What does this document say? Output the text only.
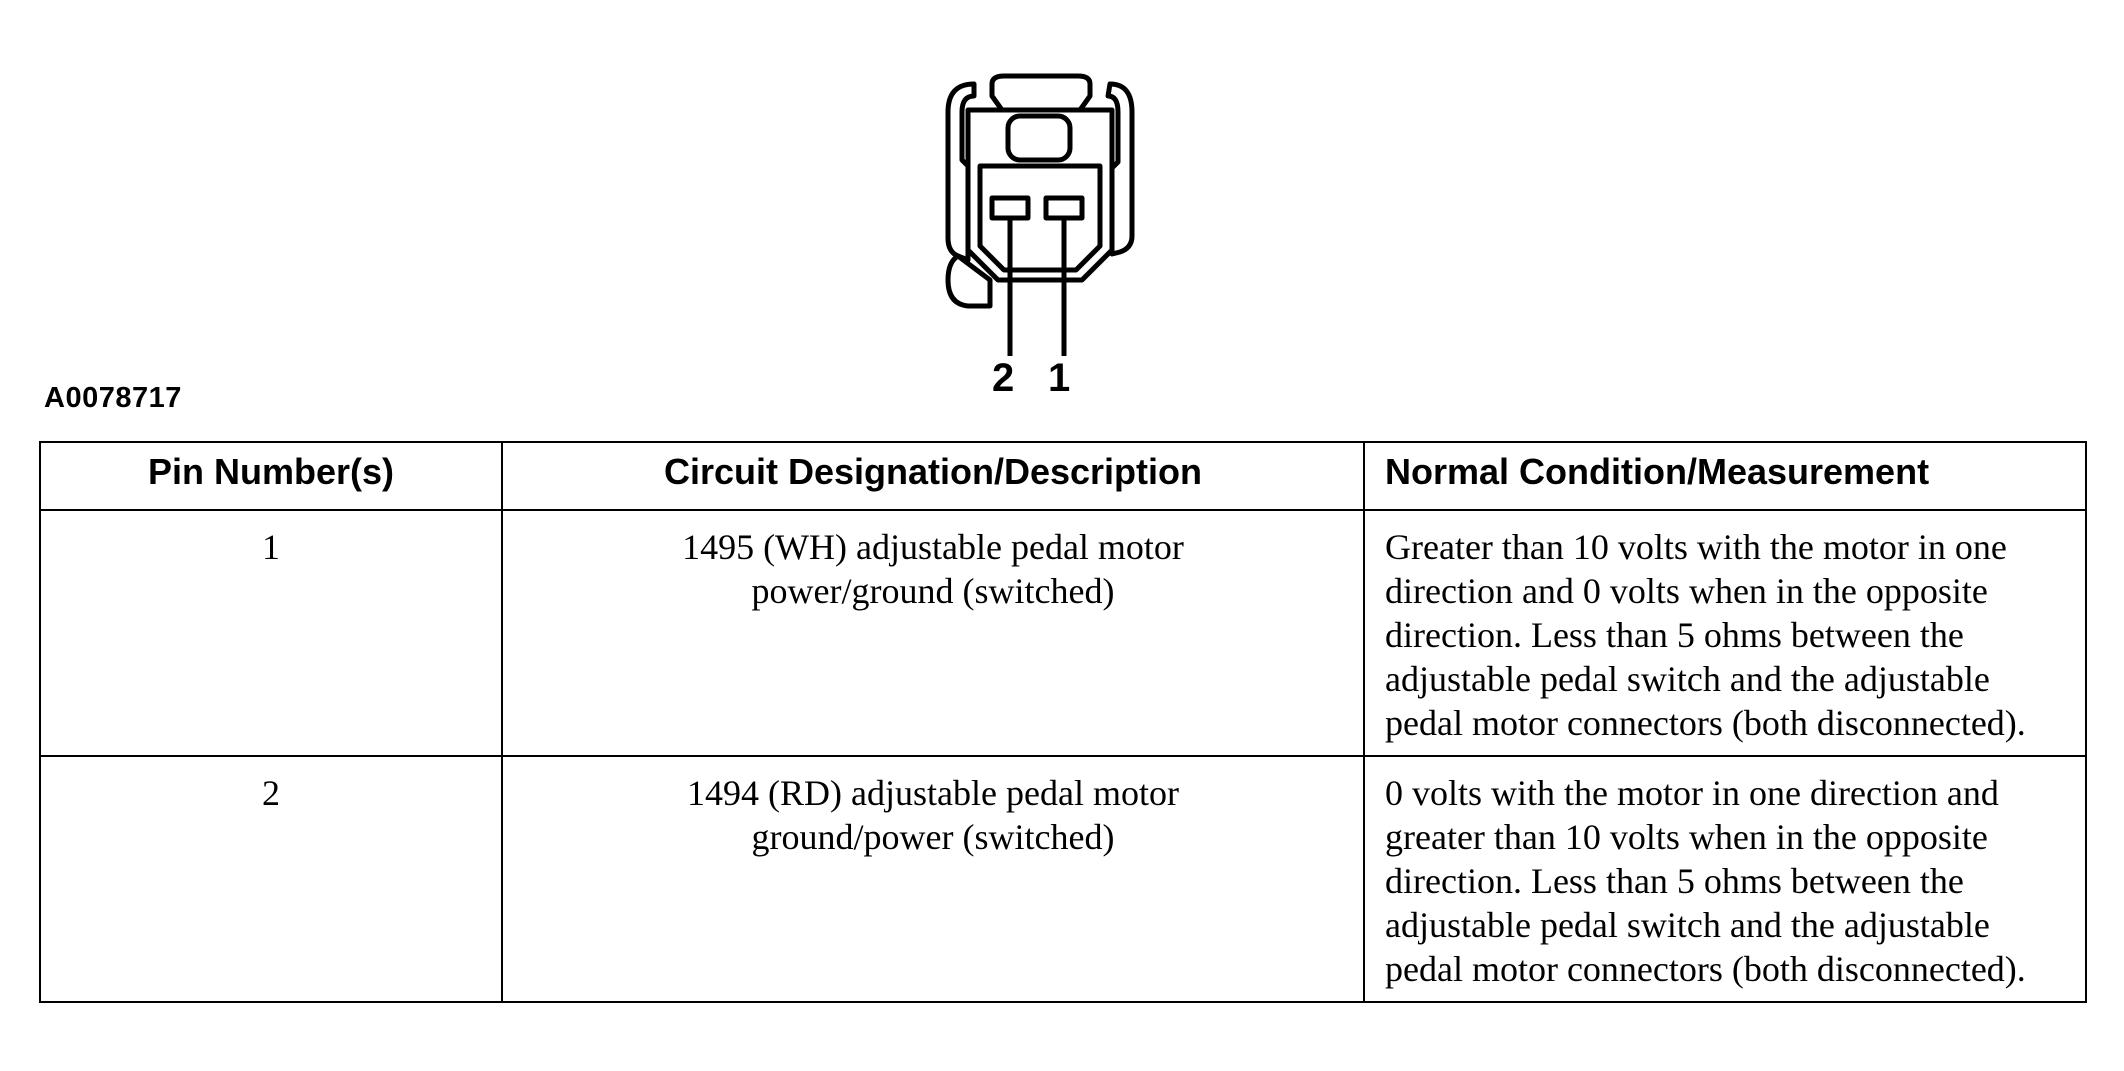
2 1
A0078717
Pin Number(s)	Circuit Designation/Description	Normal Condition/Measurement
1	1495 (WH) adjustable pedal motor power/ground (switched)	Greater than 10 volts with the motor in one direction and 0 volts when in the opposite direction. Less than 5 ohms between the adjustable pedal switch and the adjustable pedal motor connectors (both disconnected).
2	1494 (RD) adjustable pedal motor ground/power (switched)	0 volts with the motor in one direction and greater than 10 volts when in the opposite direction. Less than 5 ohms between the adjustable pedal switch and the adjustable pedal motor connectors (both disconnected).
